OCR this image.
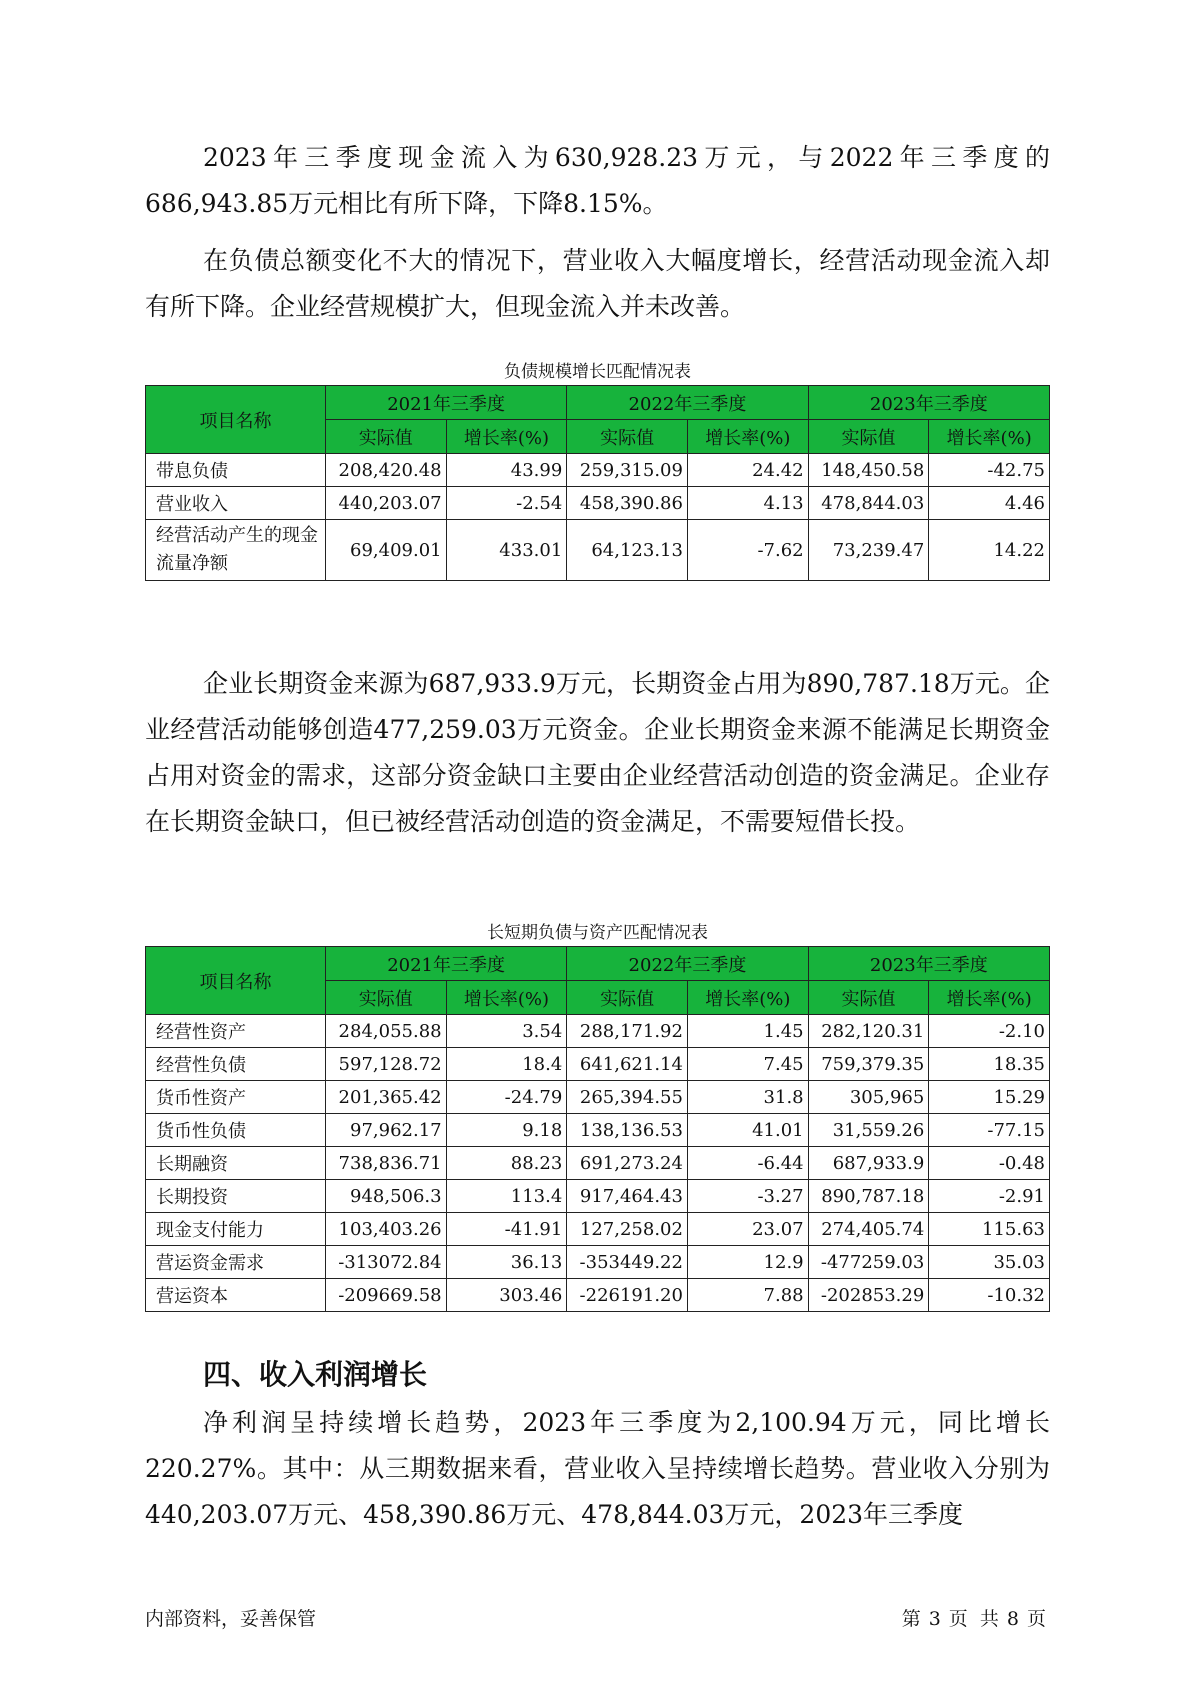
2023年三季度现金流入为630,928.23万元，与2022年三季度的686,943.85万元相比有所下降，下降8.15%。

在负债总额变化不大的情况下，营业收入大幅度增长，经营活动现金流入却有所下降。企业经营规模扩大，但现金流入并未改善。

负债规模增长匹配情况表

项目名称	2021年三季度		2022年三季度		2023年三季度	
	实际值	增长率(%)	实际值	增长率(%)	实际值	增长率(%)
带息负债	208,420.48	43.99	259,315.09	24.42	148,450.58	-42.75
营业收入	440,203.07	-2.54	458,390.86	4.13	478,844.03	4.46
经营活动产生的现金流量净额	69,409.01	433.01	64,123.13	-7.62	73,239.47	14.22

企业长期资金来源为687,933.9万元，长期资金占用为890,787.18万元。企业经营活动能够创造477,259.03万元资金。企业长期资金来源不能满足长期资金占用对资金的需求，这部分资金缺口主要由企业经营活动创造的资金满足。企业存在长期资金缺口，但已被经营活动创造的资金满足，不需要短借长投。

长短期负债与资产匹配情况表

项目名称	2021年三季度		2022年三季度		2023年三季度	
	实际值	增长率(%)	实际值	增长率(%)	实际值	增长率(%)
经营性资产	284,055.88	3.54	288,171.92	1.45	282,120.31	-2.10
经营性负债	597,128.72	18.4	641,621.14	7.45	759,379.35	18.35
货币性资产	201,365.42	-24.79	265,394.55	31.8	305,965	15.29
货币性负债	97,962.17	9.18	138,136.53	41.01	31,559.26	-77.15
长期融资	738,836.71	88.23	691,273.24	-6.44	687,933.9	-0.48
长期投资	948,506.3	113.4	917,464.43	-3.27	890,787.18	-2.91
现金支付能力	103,403.26	-41.91	127,258.02	23.07	274,405.74	115.63
营运资金需求	-313072.84	36.13	-353449.22	12.9	-477259.03	35.03
营运资本	-209669.58	303.46	-226191.20	7.88	-202853.29	-10.32
四、收入利润增长

净利润呈持续增长趋势，2023年三季度为2,100.94万元，同比增长220.27%。其中：从三期数据来看，营业收入呈持续增长趋势。营业收入分别为440,203.07万元、458,390.86万元、478,844.03万元，2023年三季度

内部资料，妥善保管	第 3 页  共 8 页
